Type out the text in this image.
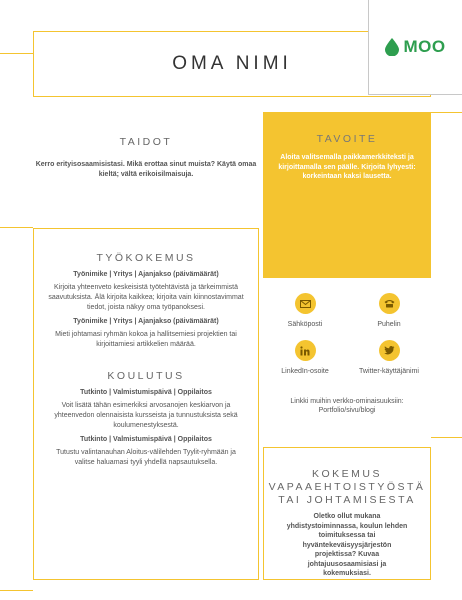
OMA NIMI
MOO
TAIDOT
Kerro erityisosaamisistasi. Mikä erottaa sinut muista? Käytä omaa kieltä; vältä erikoisilmaisuja.
TAVOITE
Aloita valitsemalla paikkamerkkiteksti ja kirjoittamalla sen päälle. Kirjoita lyhyesti: korkeintaan kaksi lausetta.
TYÖKOKEMUS
Työnimike | Yritys | Ajanjakso (päivämäärät)
Kirjoita yhteenveto keskeisistä työtehtävistä ja tärkeimmistä saavutuksista. Älä kirjoita kaikkea; kirjoita vain kiinnostavimmat tiedot, joista näkyy oma työpanoksesi.
Työnimike | Yritys | Ajanjakso (päivämäärät)
Mieti johtamasi ryhmän kokoa ja hallitsemiesi projektien tai kirjoittamiesi artikkelien määrää.
KOULUTUS
Tutkinto | Valmistumispäivä | Oppilaitos
Voit lisätä tähän esimerkiksi arvosanojen keskiarvon ja yhteenvedon olennaisista kursseista ja tunnustuksista sekä koulumenestyksestä.
Tutkinto | Valmistumispäivä | Oppilaitos
Tutustu valintanauhan Aloitus-välilehden Tyylit-ryhmään ja valitse haluamasi tyyli yhdellä napsautuksella.
Sähköposti	Puhelin
LinkedIn-osoite	Twitter-käyttäjänimi
Linkki muihin verkko-ominaisuuksiin: Portfolio/sivu/blogi
KOKEMUS VAPAAEHTOISTYÖSTÄ TAI JOHTAMISESTA
Oletko ollut mukana yhdistystoiminnassa, koulun lehden toimituksessa tai hyväntekeväisyysjärjestön projektissa? Kuvaa johtajuusosaamisiasi ja kokemuksiasi.
